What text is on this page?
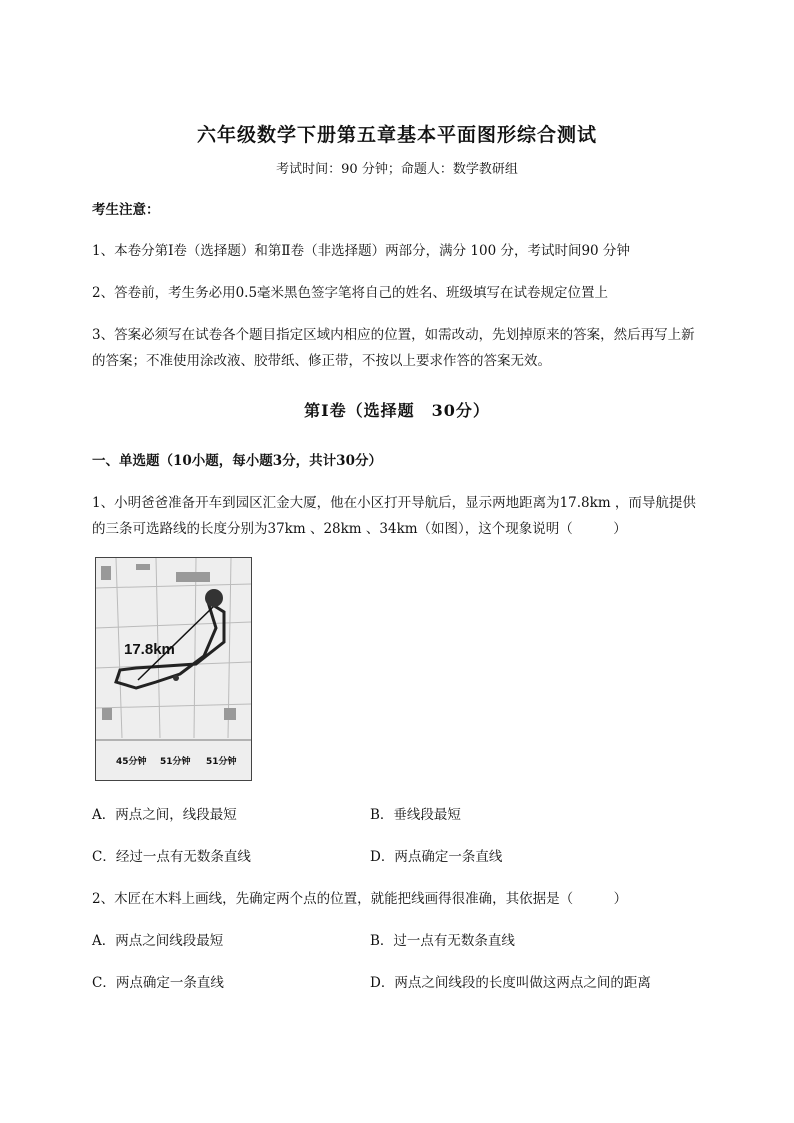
六年级数学下册第五章基本平面图形综合测试
考试时间：90 分钟；命题人：数学教研组
考生注意：
1、本卷分第Ⅰ卷（选择题）和第Ⅱ卷（非选择题）两部分，满分 100 分，考试时间90 分钟
2、答卷前，考生务必用0.5毫米黑色签字笔将自己的姓名、班级填写在试卷规定位置上
3、答案必须写在试卷各个题目指定区域内相应的位置，如需改动，先划掉原来的答案，然后再写上新
的答案；不准使用涂改液、胶带纸、修正带，不按以上要求作答的答案无效。
第Ⅰ卷（选择题　30分）
一、单选题（10小题，每小题3分，共计30分）
1、小明爸爸准备开车到园区汇金大厦，他在小区打开导航后，显示两地距离为17.8km ，而导航提供
的三条可选路线的长度分别为37km 、28km 、34km（如图），这个现象说明（　　　）
17.8km
45分钟 51分钟 51分钟
A．两点之间，线段最短	B．垂线段最短
C．经过一点有无数条直线	D．两点确定一条直线
2、木匠在木料上画线，先确定两个点的位置，就能把线画得很准确，其依据是（　　　）
A．两点之间线段最短	B．过一点有无数条直线
C．两点确定一条直线	D．两点之间线段的长度叫做这两点之间的距离
